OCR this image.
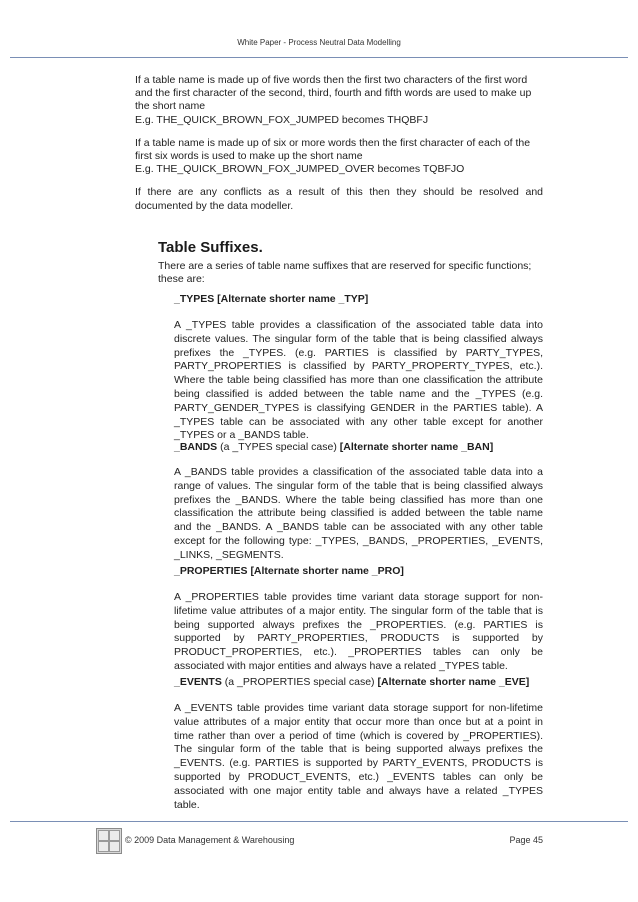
White Paper - Process Neutral Data Modelling

If a table name is made up of five words then the first two characters of the first word and the first character of the second, third, fourth and fifth words are used to make up the short name

E.g. THE_QUICK_BROWN_FOX_JUMPED becomes THQBFJ

If a table name is made up of six or more words then the first character of each of the first six words is used to make up the short name

E.g. THE_QUICK_BROWN_FOX_JUMPED_OVER becomes TQBFJO

If there are any conflicts as a result of this then they should be resolved and documented by the data modeller.

Table Suffixes.

There are a series of table name suffixes that are reserved for specific functions; these are:

_TYPES [Alternate shorter name _TYP]

A _TYPES table provides a classification of the associated table data into discrete values. The singular form of the table that is being classified always prefixes the _TYPES. (e.g. PARTIES is classified by PARTY_TYPES, PARTY_PROPERTIES is classified by PARTY_PROPERTY_TYPES, etc.). Where the table being classified has more than one classification the attribute being classified is added between the table name and the _TYPES (e.g. PARTY_GENDER_TYPES is classifying GENDER in the PARTIES table). A _TYPES table can be associated with any other table except for another _TYPES or a _BANDS table.

_BANDS (a _TYPES special case) [Alternate shorter name _BAN]

A _BANDS table provides a classification of the associated table data into a range of values. The singular form of the table that is being classified always prefixes the _BANDS. Where the table being classified has more than one classification the attribute being classified is added between the table name and the _BANDS. A _BANDS table can be associated with any other table except for the following type: _TYPES, _BANDS, _PROPERTIES, _EVENTS, _LINKS, _SEGMENTS.

_PROPERTIES [Alternate shorter name _PRO]

A _PROPERTIES table provides time variant data storage support for non-lifetime value attributes of a major entity. The singular form of the table that is being supported always prefixes the _PROPERTIES. (e.g. PARTIES is supported by PARTY_PROPERTIES, PRODUCTS is supported by PRODUCT_PROPERTIES, etc.). _PROPERTIES tables can only be associated with major entities and always have a related _TYPES table.

_EVENTS (a _PROPERTIES special case) [Alternate shorter name _EVE]

A _EVENTS table provides time variant data storage support for non-lifetime value attributes of a major entity that occur more than once but at a point in time rather than over a period of time (which is covered by _PROPERTIES). The singular form of the table that is being supported always prefixes the _EVENTS. (e.g. PARTIES is supported by PARTY_EVENTS, PRODUCTS is supported by PRODUCT_EVENTS, etc.) _EVENTS tables can only be associated with one major entity table and always have a related _TYPES table.

© 2009 Data Management & Warehousing	Page 45
